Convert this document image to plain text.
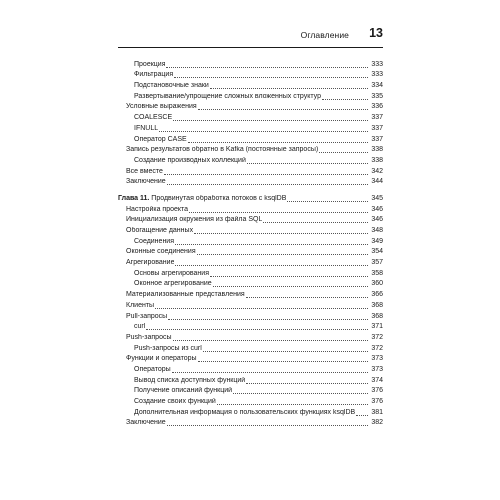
Оглавление 13
Проекция	333
Фильтрация	333
Подстановочные знаки	334
Развертывание/упрощение сложных вложенных структур	335
Условные выражения	336
COALESCE	337
IFNULL	337
Оператор CASE	337
Запись результатов обратно в Kafka (постоянные запросы)	338
Создание производных коллекций	338
Все вместе	342
Заключение	344
Глава 11. Продвинутая обработка потоков с ksqlDB	345
Настройка проекта	346
Инициализация окружения из файла SQL	346
Обогащение данных	348
Соединения	349
Оконные соединения	354
Агрегирование	357
Основы агрегирования	358
Оконное агрегирование	360
Материализованные представления	366
Клиенты	368
Pull-запросы	368
curl	371
Push-запросы	372
Push-запросы из curl	372
Функции и операторы	373
Операторы	373
Вывод списка доступных функций	374
Получение описаний функций	376
Создание своих функций	376
Дополнительная информация о пользовательских функциях ksqlDB	381
Заключение	382
